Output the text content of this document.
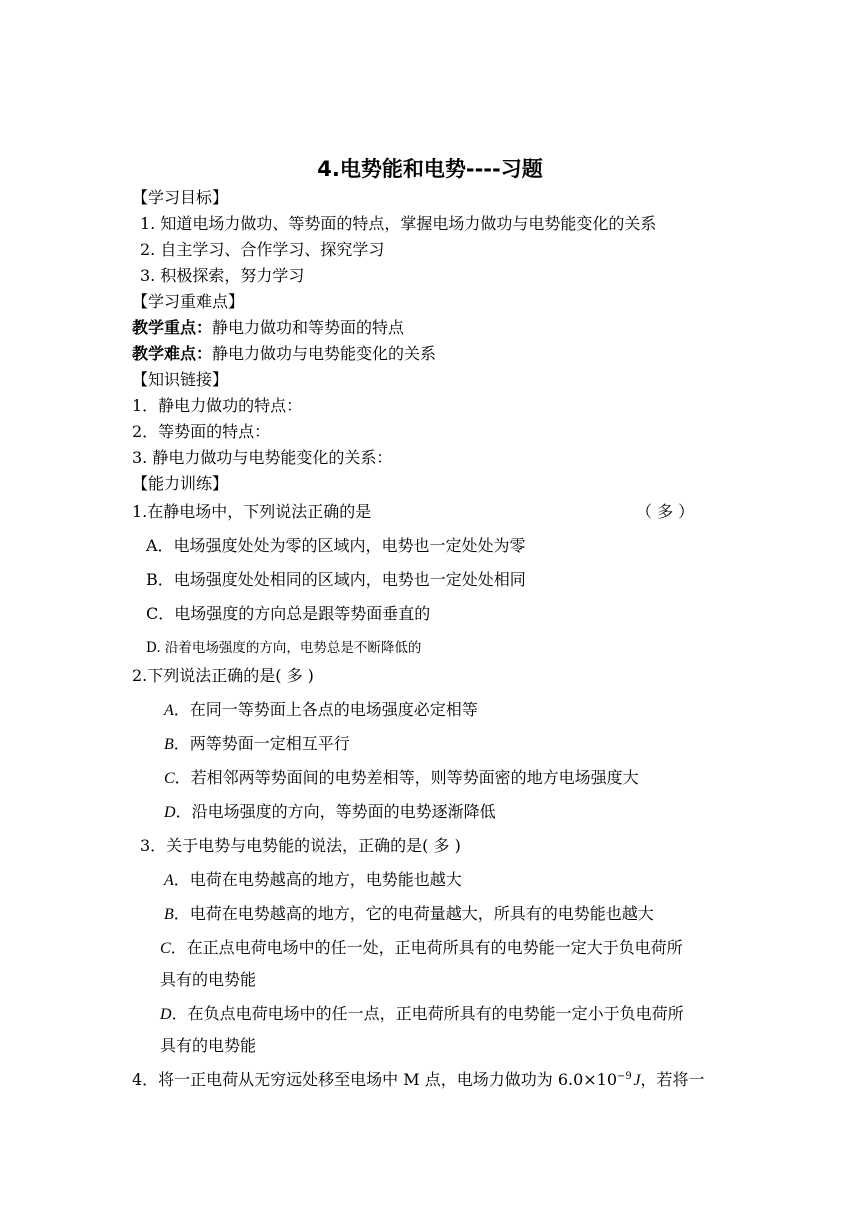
4.电势能和电势----习题
【学习目标】
1. 知道电场力做功、等势面的特点，掌握电场力做功与电势能变化的关系
2. 自主学习、合作学习、探究学习
3. 积极探索，努力学习
【学习重难点】
教学重点：静电力做功和等势面的特点
教学难点：静电力做功与电势能变化的关系
【知识链接】
1．静电力做功的特点：
2．等势面的特点：
3. 静电力做功与电势能变化的关系：
【能力训练】
1.在静电场中，下列说法正确的是	（ 多 ）
A．电场强度处处为零的区域内，电势也一定处处为零
B．电场强度处处相同的区域内，电势也一定处处相同
C．电场强度的方向总是跟等势面垂直的
D. 沿着电场强度的方向，电势总是不断降低的
2.下列说法正确的是( 多 )
A．在同一等势面上各点的电场强度必定相等
B．两等势面一定相互平行
C．若相邻两等势面间的电势差相等，则等势面密的地方电场强度大
D．沿电场强度的方向，等势面的电势逐渐降低
3．关于电势与电势能的说法，正确的是( 多 )
A．电荷在电势越高的地方，电势能也越大
B．电荷在电势越高的地方，它的电荷量越大，所具有的电势能也越大
C．在正点电荷电场中的任一处，正电荷所具有的电势能一定大于负电荷所
具有的电势能
D．在负点电荷电场中的任一点，正电荷所具有的电势能一定小于负电荷所
具有的电势能
4．将一正电荷从无穷远处移至电场中 M 点，电场力做功为 $6.0\times 10^{-9}$ J，若将一
